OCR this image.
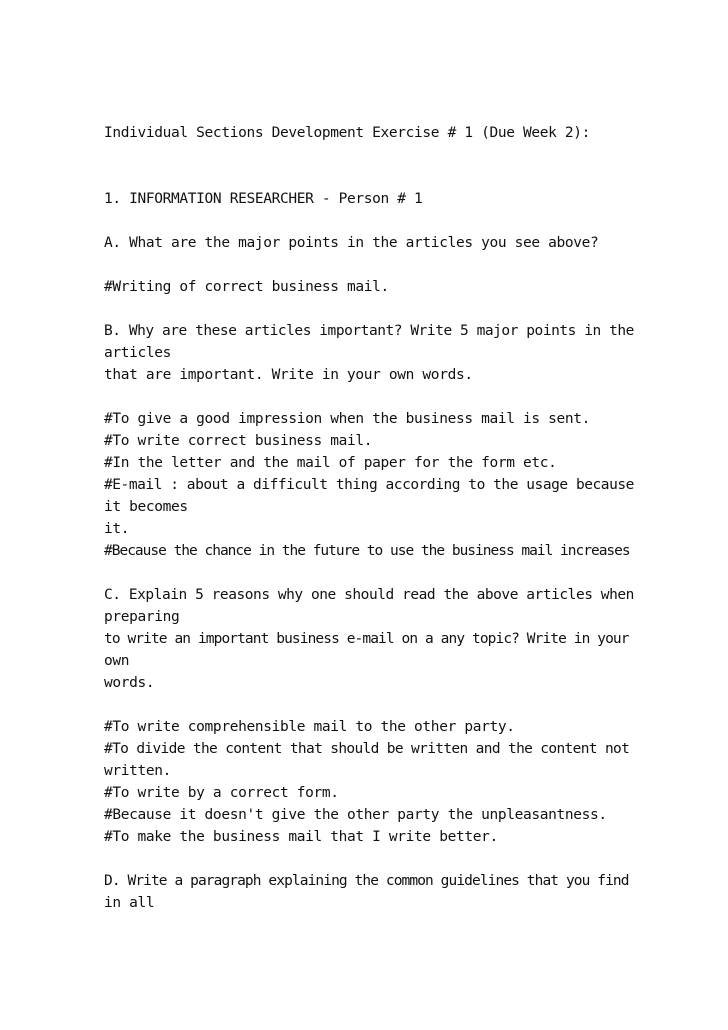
Individual Sections Development Exercise # 1 (Due Week 2):
1. INFORMATION RESEARCHER - Person # 1
A. What are the major points in the articles you see above?
#Writing of correct business mail.
B. Why are these articles important? Write 5 major points in the
articles
that are important. Write in your own words.
#To give a good impression when the business mail is sent.
#To write correct business mail.
#In the letter and the mail of paper for the form etc.
#E-mail : about a difficult thing according to the usage because
it becomes
it.
#Because the chance in the future to use the business mail increases
C. Explain 5 reasons why one should read the above articles when
preparing
to write an important business e-mail on a any topic? Write in your
own
words.
#To write comprehensible mail to the other party.
#To divide the content that should be written and the content not
written.
#To write by a correct form.
#Because it doesn't give the other party the unpleasantness.
#To make the business mail that I write better.
D. Write a paragraph explaining the common guidelines that you find
in all
